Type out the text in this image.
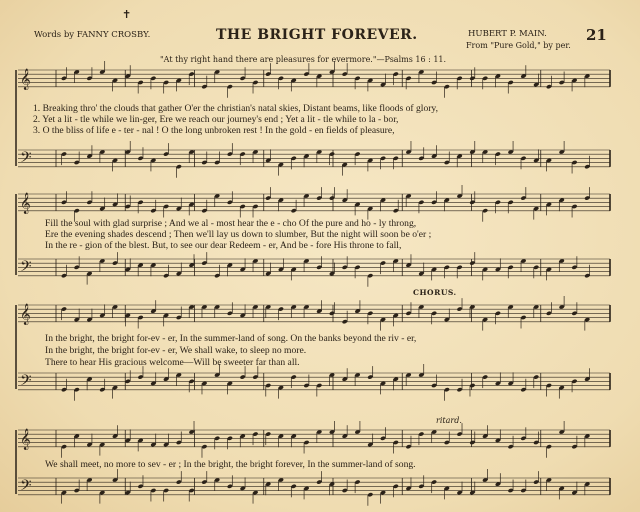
𝄞
𝄢
𝄞
𝄢
𝄞
𝄢
𝄞
𝄢
✝
Words by FANNY CROSBY.	THE BRIGHT FOREVER.	HUBERT P. MAIN.
From "Pure Gold," by per.
21
"At thy right hand there are pleasures for evermore."—Psalms 16 : 11.
1. Breaking thro' the clouds that gather O'er the christian's natal skies, Distant beams, like floods of glory,
2. Yet a lit - tle while we lin-ger, Ere we reach our journey's end ; Yet a lit - tle while to la - bor,
3. O the bliss of life e - ter - nal ! O the long unbroken rest ! In the gold - en fields of pleasure,
Fill the soul with glad surprise ; And we al - most hear the e - cho Of the pure and ho - ly throng,
Ere the evening shades descend ; Then we'll lay us down to slumber, But the night will soon be o'er ;
In the re - gion of the blest. But, to see our dear Redeem - er, And be - fore His throne to fall,
CHORUS.
In the bright, the bright for-ev - er, In the summer-land of song. On the banks beyond the riv - er,
In the bright, the bright for-ev - er, We shall wake, to sleep no more.
There to hear His gracious welcome—Will be sweeter far than all.
ritard.
We shall meet, no more to sev - er ; In the bright, the bright forever, In the summer-land of song.
